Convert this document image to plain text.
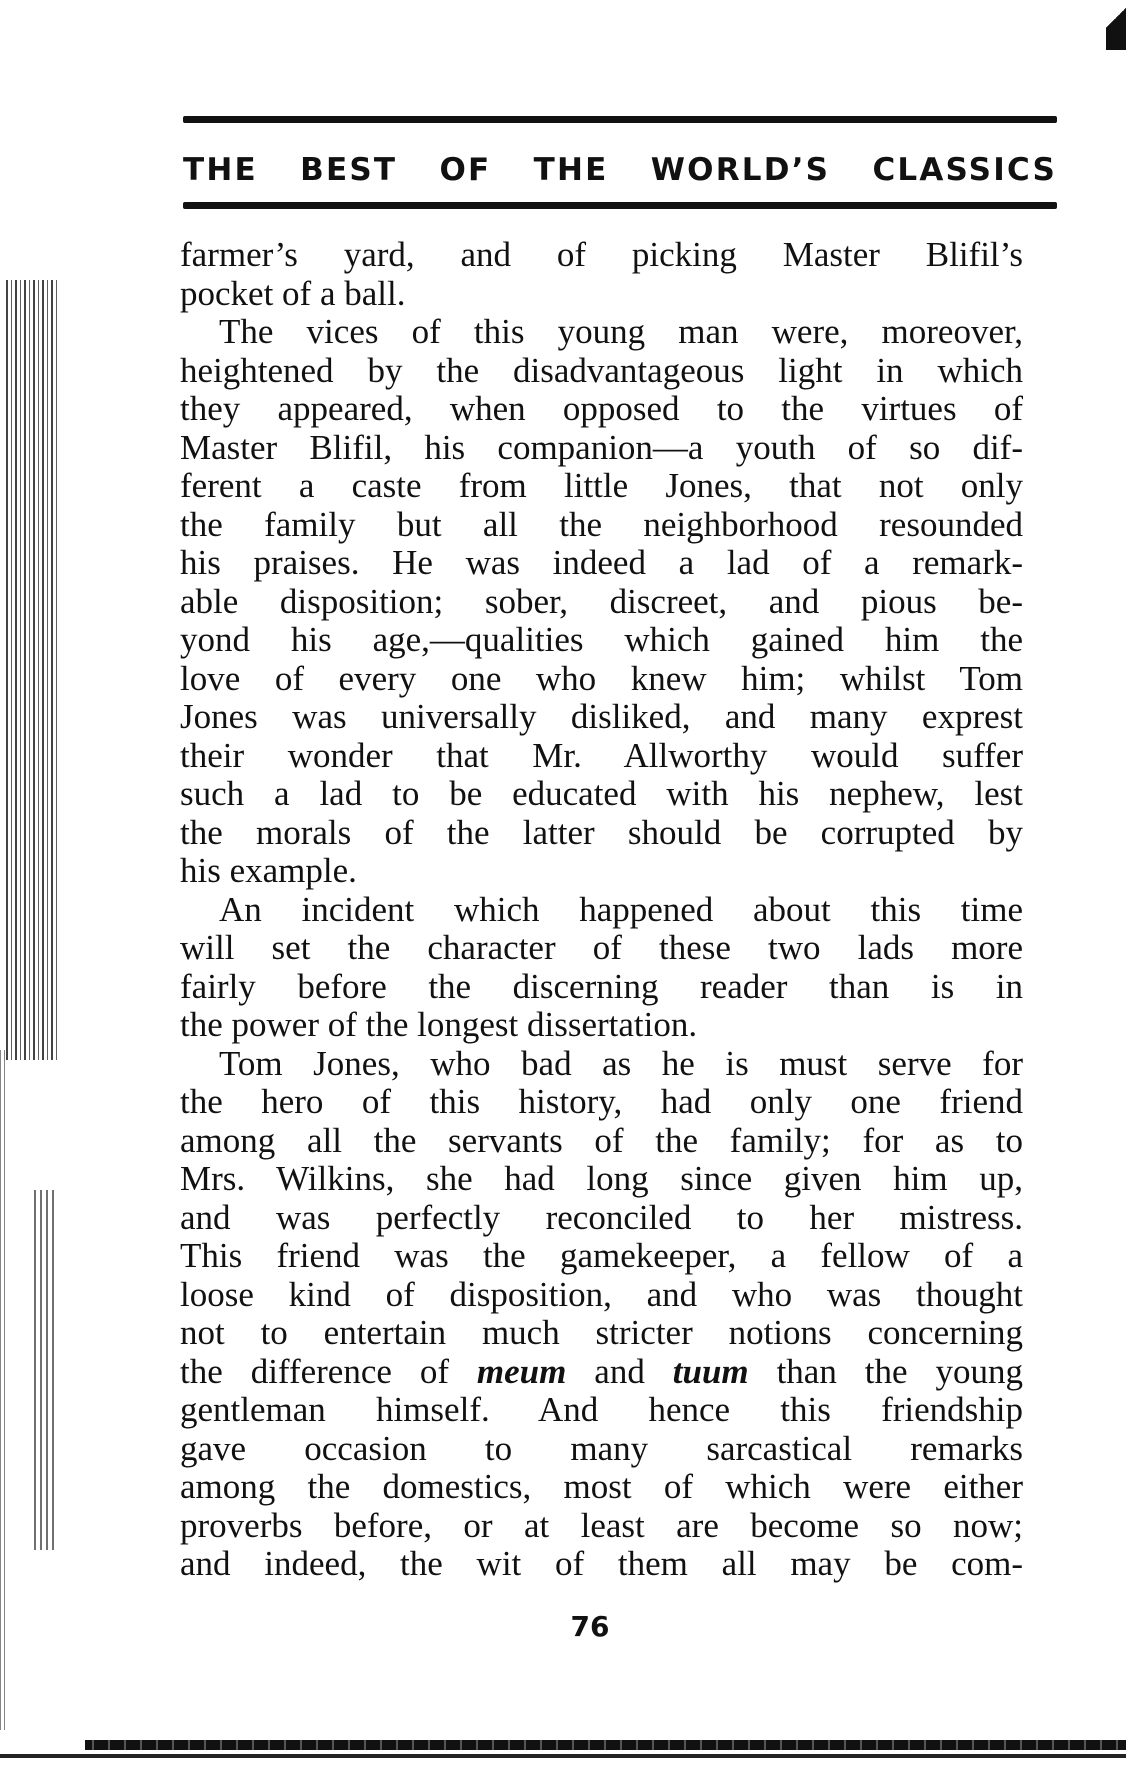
THE BEST OF THE WORLD’S CLASSICS
farmer’s yard, and of picking Master Blifil’s
pocket of a ball.
The vices of this young man were, moreover,
heightened by the disadvantageous light in which
they appeared, when opposed to the virtues of
Master Blifil, his companion—a youth of so dif-
ferent a caste from little Jones, that not only
the family but all the neighborhood resounded
his praises. He was indeed a lad of a remark-
able disposition; sober, discreet, and pious be-
yond his age,—qualities which gained him the
love of every one who knew him; whilst Tom
Jones was universally disliked, and many exprest
their wonder that Mr. Allworthy would suffer
such a lad to be educated with his nephew, lest
the morals of the latter should be corrupted by
his example.
An incident which happened about this time
will set the character of these two lads more
fairly before the discerning reader than is in
the power of the longest dissertation.
Tom Jones, who bad as he is must serve for
the hero of this history, had only one friend
among all the servants of the family; for as to
Mrs. Wilkins, she had long since given him up,
and was perfectly reconciled to her mistress.
This friend was the gamekeeper, a fellow of a
loose kind of disposition, and who was thought
not to entertain much stricter notions concerning
the difference of meum and tuum than the young
gentleman himself. And hence this friendship
gave occasion to many sarcastical remarks
among the domestics, most of which were either
proverbs before, or at least are become so now;
and indeed, the wit of them all may be com-
76
